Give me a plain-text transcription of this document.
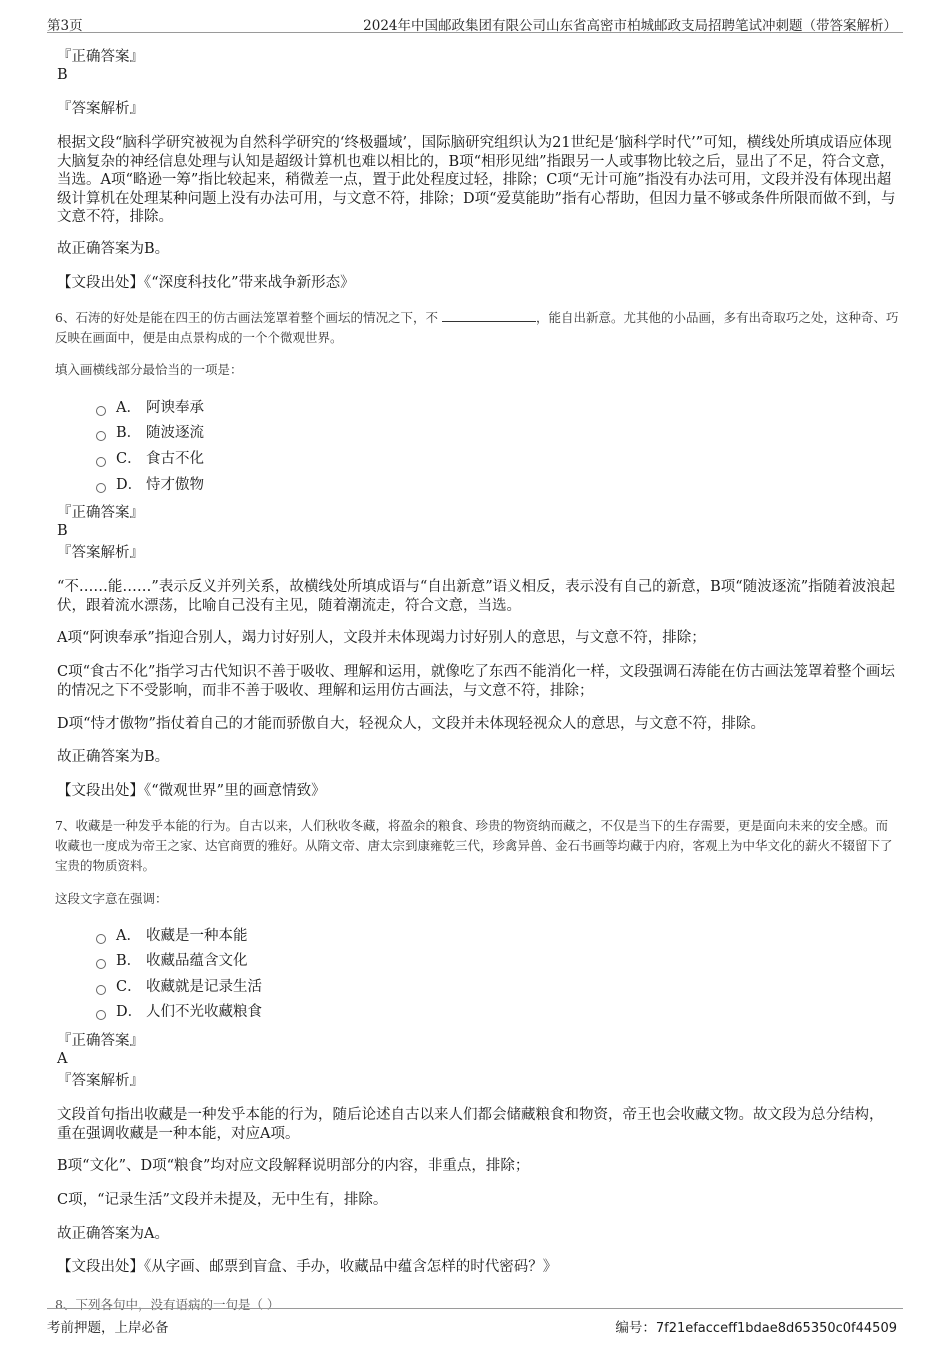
第3页	2024年中国邮政集团有限公司山东省高密市柏城邮政支局招聘笔试冲刺题（带答案解析）

『正确答案』

B

『答案解析』

根据文段“脑科学研究被视为自然科学研究的‘终极疆域’，国际脑研究组织认为21世纪是‘脑科学时代’”可知，横线处所填成语应体现大脑复杂的神经信息处理与认知是超级计算机也难以相比的，B项“相形见绌”指跟另一人或事物比较之后，显出了不足，符合文意，当选。A项“略逊一筹”指比较起来，稍微差一点，置于此处程度过轻，排除；C项“无计可施”指没有办法可用，文段并没有体现出超级计算机在处理某种问题上没有办法可用，与文意不符，排除；D项“爱莫能助”指有心帮助，但因力量不够或条件所限而做不到，与文意不符，排除。

故正确答案为B。

【文段出处】《“深度科技化”带来战争新形态》

6、石涛的好处是能在四王的仿古画法笼罩着整个画坛的情况之下，不	，能自出新意。尤其他的小品画，多有出奇取巧之处，这种奇、巧反映在画面中，便是由点景构成的一个个微观世界。

填入画横线部分最恰当的一项是：

A． 阿谀奉承
B． 随波逐流
C． 食古不化
D． 恃才傲物

『正确答案』

B

『答案解析』

“不……能……”表示反义并列关系，故横线处所填成语与“自出新意”语义相反，表示没有自己的新意，B项“随波逐流”指随着波浪起伏，跟着流水漂荡，比喻自己没有主见，随着潮流走，符合文意，当选。

A项“阿谀奉承”指迎合别人，竭力讨好别人，文段并未体现竭力讨好别人的意思，与文意不符，排除；

C项“食古不化”指学习古代知识不善于吸收、理解和运用，就像吃了东西不能消化一样，文段强调石涛能在仿古画法笼罩着整个画坛的情况之下不受影响，而非不善于吸收、理解和运用仿古画法，与文意不符，排除；

D项“恃才傲物”指仗着自己的才能而骄傲自大，轻视众人，文段并未体现轻视众人的意思，与文意不符，排除。

故正确答案为B。

【文段出处】《“微观世界”里的画意情致》

7、收藏是一种发乎本能的行为。自古以来，人们秋收冬藏，将盈余的粮食、珍贵的物资纳而藏之，不仅是当下的生存需要，更是面向未来的安全感。而收藏也一度成为帝王之家、达官商贾的雅好。从隋文帝、唐太宗到康雍乾三代，珍禽异兽、金石书画等均藏于内府，客观上为中华文化的薪火不辍留下了宝贵的物质资料。

这段文字意在强调：

A． 收藏是一种本能
B． 收藏品蕴含文化
C． 收藏就是记录生活
D． 人们不光收藏粮食

『正确答案』

A

『答案解析』

文段首句指出收藏是一种发乎本能的行为，随后论述自古以来人们都会储藏粮食和物资，帝王也会收藏文物。故文段为总分结构，重在强调收藏是一种本能，对应A项。

B项“文化”、D项“粮食”均对应文段解释说明部分的内容，非重点，排除；

C项，“记录生活”文段并未提及，无中生有，排除。

故正确答案为A。

【文段出处】《从字画、邮票到盲盒、手办，收藏品中蕴含怎样的时代密码？》

8、下列各句中，没有语病的一句是（ ）
考前押题，上岸必备	编号：7f21efacceff1bdae8d65350c0f44509
